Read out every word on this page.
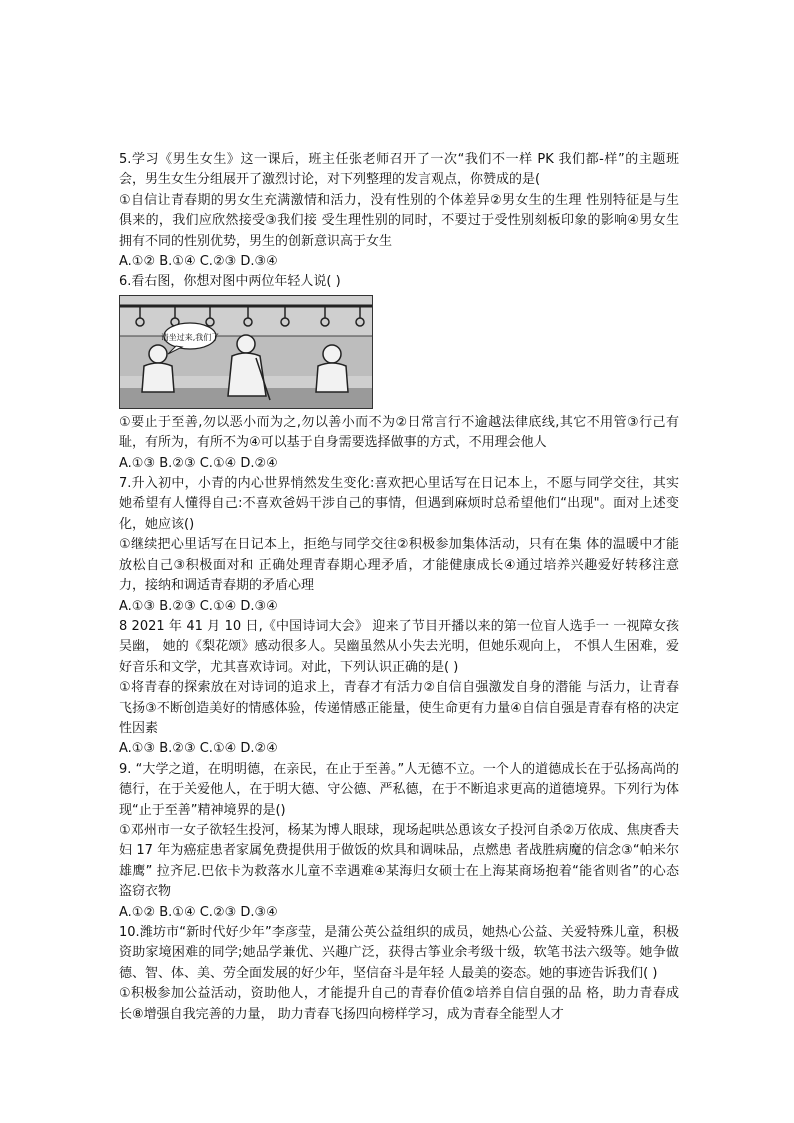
5.学习《男生女生》这一课后，班主任张老师召开了一次“我们不一样 PK 我们都-样”的主题班会，男生女生分组展开了激烈讨论，对下列整理的发言观点，你赞成的是(

①自信让青春期的男女生充满激情和活力，没有性别的个体差异②男女生的生理 性别特征是与生俱来的，我们应欣然接受③我们接 受生理性别的同时，不要过于受性别刻板印象的影响④男女生拥有不同的性别优势，男生的创新意识高于女生

A.①② B.①④ C.②③ D.③④

6.看右图，你想对图中两位年轻人说( )

请坐过来,我们了

①要止于至善,勿以恶小而为之,勿以善小而不为②日常言行不逾越法律底线,其它不用管③行己有耻，有所为，有所不为④可以基于自身需要选择做事的方式，不用理会他人

A.①③ B.②③ C.①④ D.②④

7.升入初中，小青的内心世界悄然发生变化:喜欢把心里话写在日记本上，不愿与同学交往，其实她希望有人懂得自己:不喜欢爸妈干涉自己的事情，但遇到麻烦时总希望他们“出现"。面对上述变化，她应该()

①继续把心里话写在日记本上，拒绝与同学交往②积极参加集体活动，只有在集 体的温暖中才能放松自己③积极面对和 正确处理青春期心理矛盾，才能健康成长④通过培养兴趣爱好转移注意力，接纳和调适青春期的矛盾心理

A.①③ B.②③ C.①④ D.③④

8 2021 年 41 月 10 日,《中国诗词大会》 迎来了节目开播以来的第一位盲人选手一 一视障女孩吴幽， 她的《梨花颂》感动很多人。吴幽虽然从小失去光明，但她乐观向上， 不惧人生困难，爱好音乐和文学，尤其喜欢诗词。对此，下列认识正确的是( )

①将青春的探索放在对诗词的追求上，青春才有活力②自信自强激发自身的潜能 与活力，让青春飞扬③不断创造美好的情感体验，传递情感正能量，使生命更有力量④自信自强是青春有格的决定性因素

A.①③ B.②③ C.①④ D.②④

9. “大学之道，在明明德，在亲民，在止于至善。”人无德不立。一个人的道德成长在于弘扬高尚的德行，在于关爱他人，在于明大德、守公德、严私德，在于不断追求更高的道德境界。下列行为体现“止于至善”精神境界的是()

①邓州市一女子欲轻生投河，杨某为博人眼球，现场起哄怂恿该女子投河自杀②万依成、焦庚香夫妇 17 年为癌症患者家属免费提供用于做饭的炊具和调味品，点燃患 者战胜病魔的信念③“帕米尔雄鹰” 拉齐尼.巴依卡为救落水儿童不幸遇难④某海归女硕士在上海某商场抱着“能省则省”的心态盗窃衣物

A.①② B.①④ C.②③ D.③④

10.潍坊市“新时代好少年”李彦莹，是蒲公英公益组织的成员，她热心公益、关爱特殊儿童，积极资助家境困难的同学;她品学兼优、兴趣广泛，获得古筝业余考级十级，软笔书法六级等。她争做德、智、体、美、劳全面发展的好少年，坚信奋斗是年轻 人最美的姿态。她的事迹告诉我们( )

①积极参加公益活动，资助他人，才能提升自己的青春价值②培养自信自强的品 格，助力青春成长⑧增强自我完善的力量， 助力青春飞扬四向榜样学习，成为青春全能型人才
